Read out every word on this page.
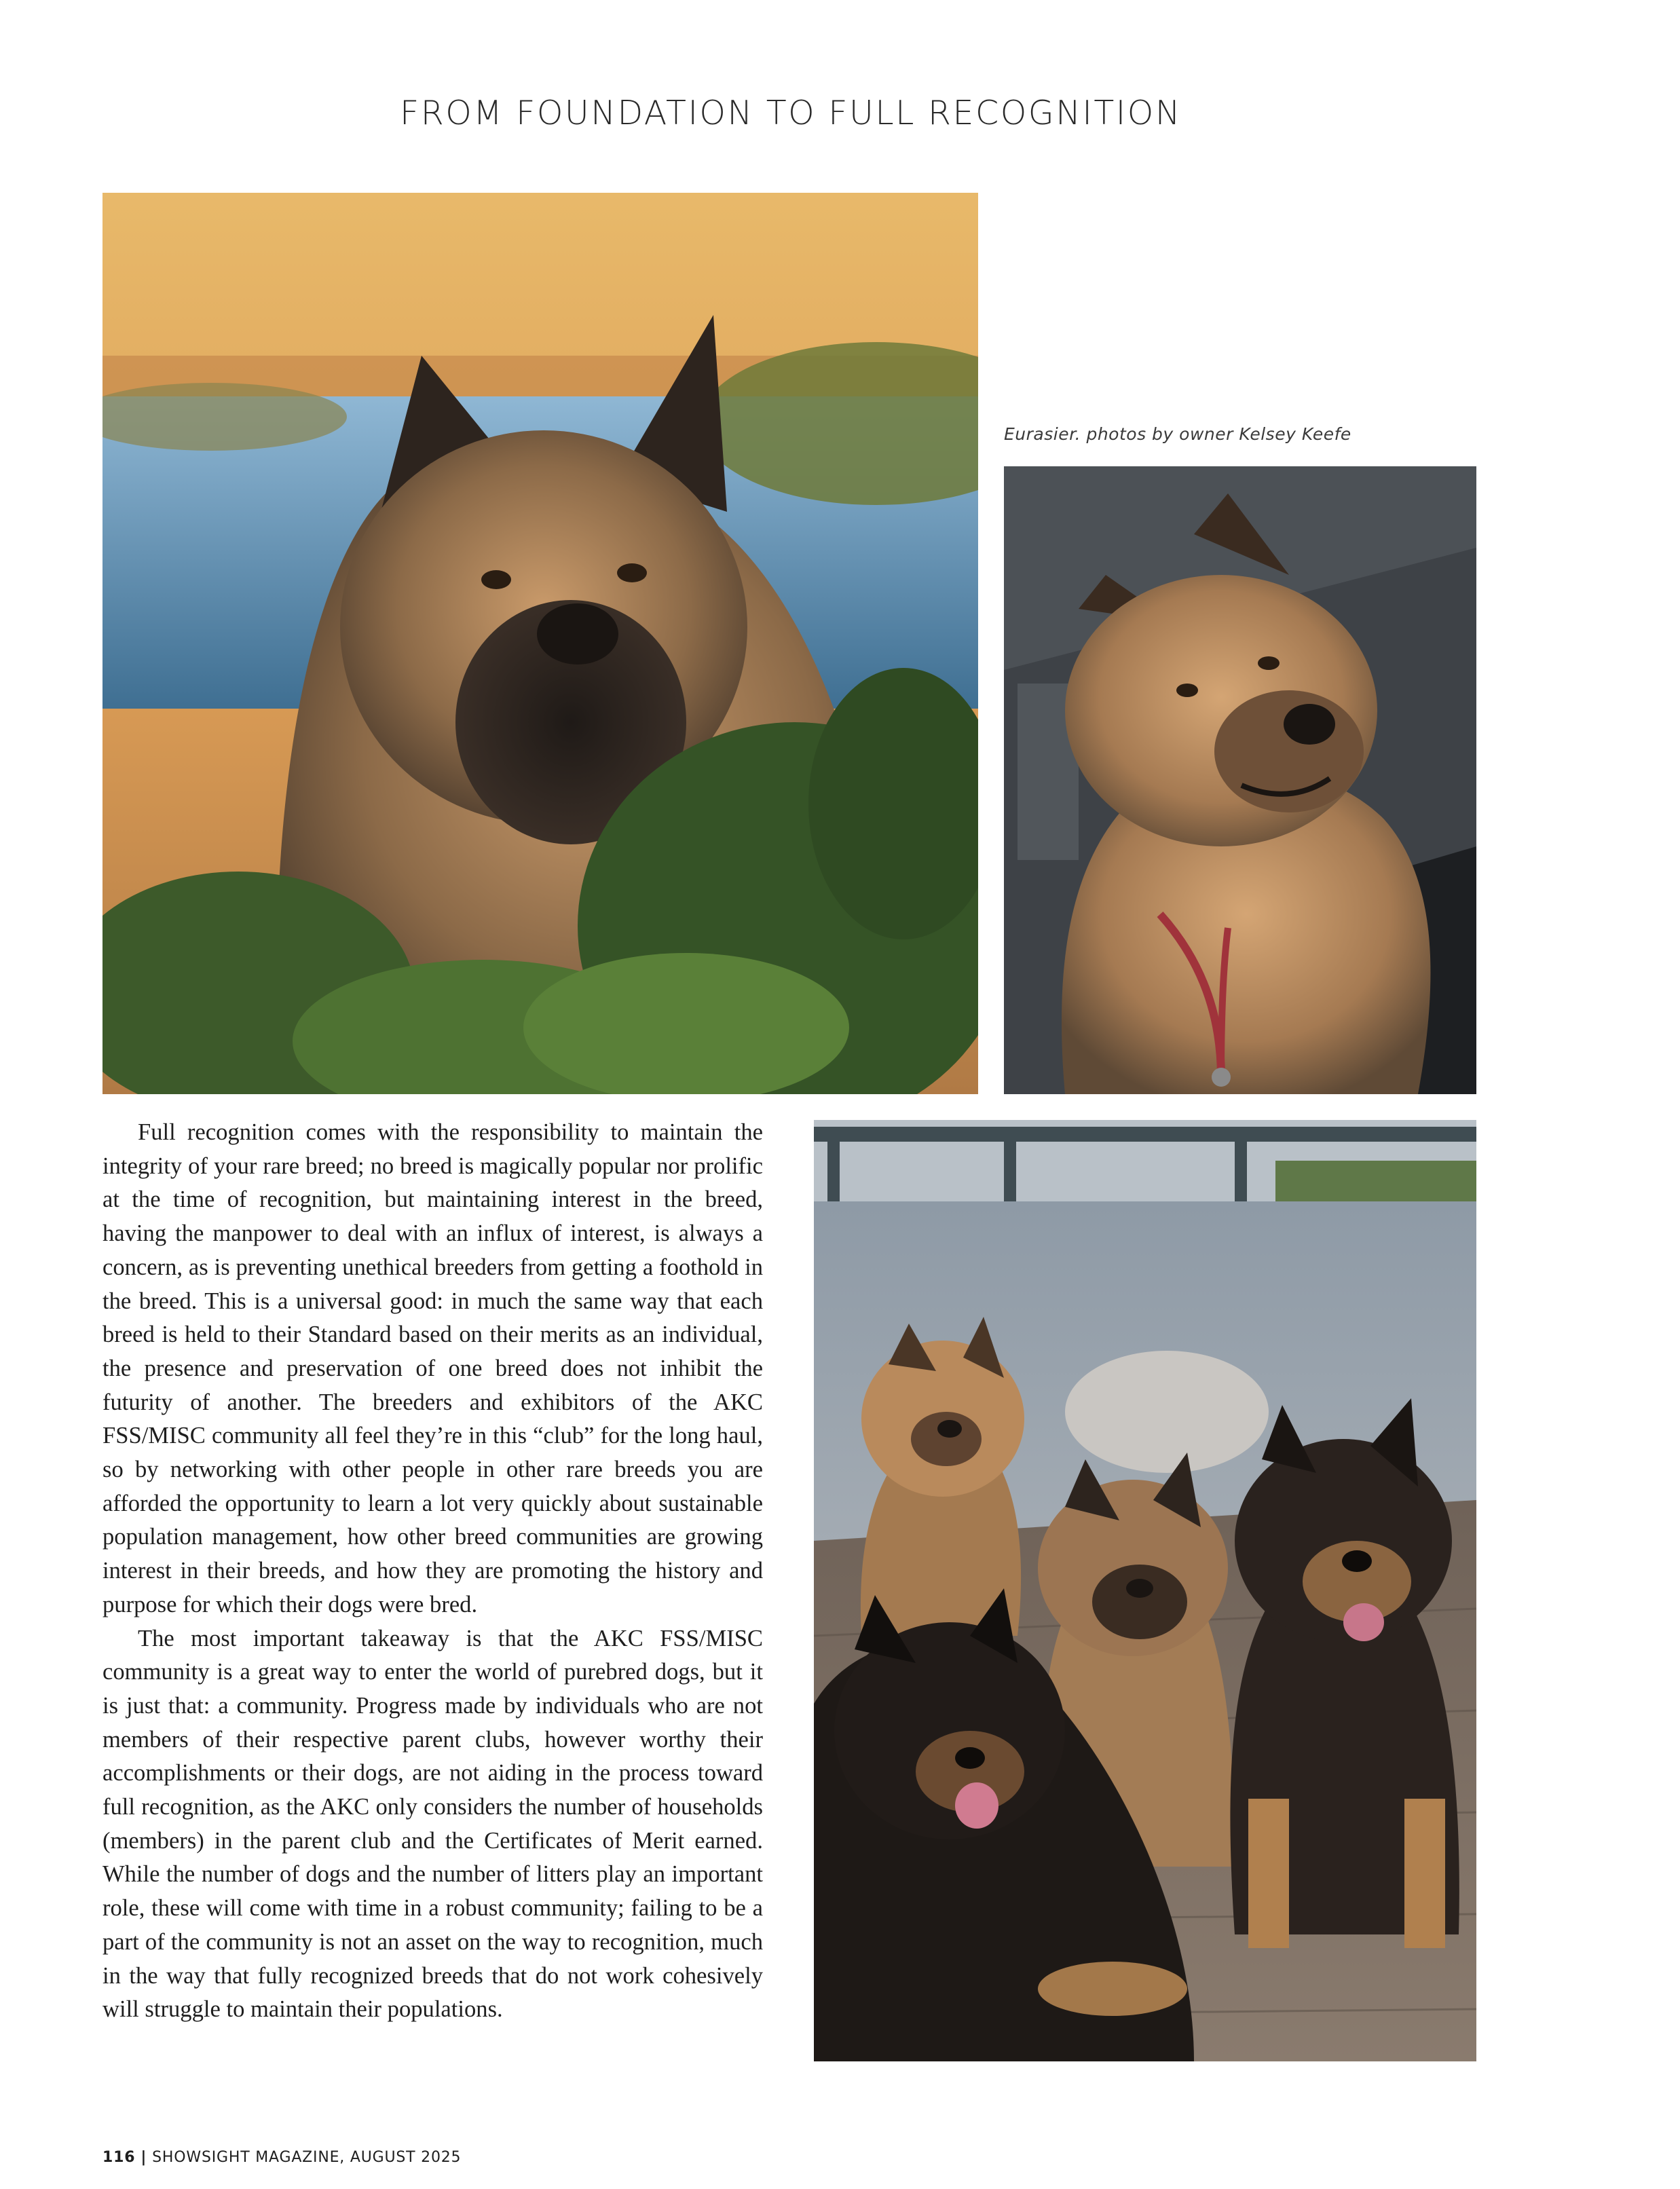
FROM FOUNDATION TO FULL RECOGNITION
Eurasier. photos by owner Kelsey Keefe

Full recognition comes with the responsibility to maintain the integrity of your rare breed; no breed is magically popular nor prolific at the time of recognition, but maintaining interest in the breed, having the manpower to deal with an influx of interest, is always a concern, as is preventing unethical breeders from getting a foothold in the breed. This is a universal good: in much the same way that each breed is held to their Standard based on their merits as an individual, the presence and preservation of one breed does not inhibit the futurity of another. The breeders and exhibitors of the AKC FSS/MISC community all feel they’re in this “club” for the long haul, so by networking with other people in other rare breeds you are afforded the opportunity to learn a lot very quickly about sustainable population management, how other breed communities are growing interest in their breeds, and how they are promoting the history and purpose for which their dogs were bred.

The most important takeaway is that the AKC FSS/MISC community is a great way to enter the world of purebred dogs, but it is just that: a community. Progress made by individuals who are not members of their respective parent clubs, however worthy their accomplishments or their dogs, are not aiding in the process toward full recognition, as the AKC only considers the number of households (members) in the parent club and the Certificates of Merit earned. While the number of dogs and the number of litters play an important role, these will come with time in a robust community; failing to be a part of the community is not an asset on the way to recognition, much in the way that fully recognized breeds that do not work cohesively will struggle to maintain their populations.

116 | SHOWSIGHT MAGAZINE, AUGUST 2025
